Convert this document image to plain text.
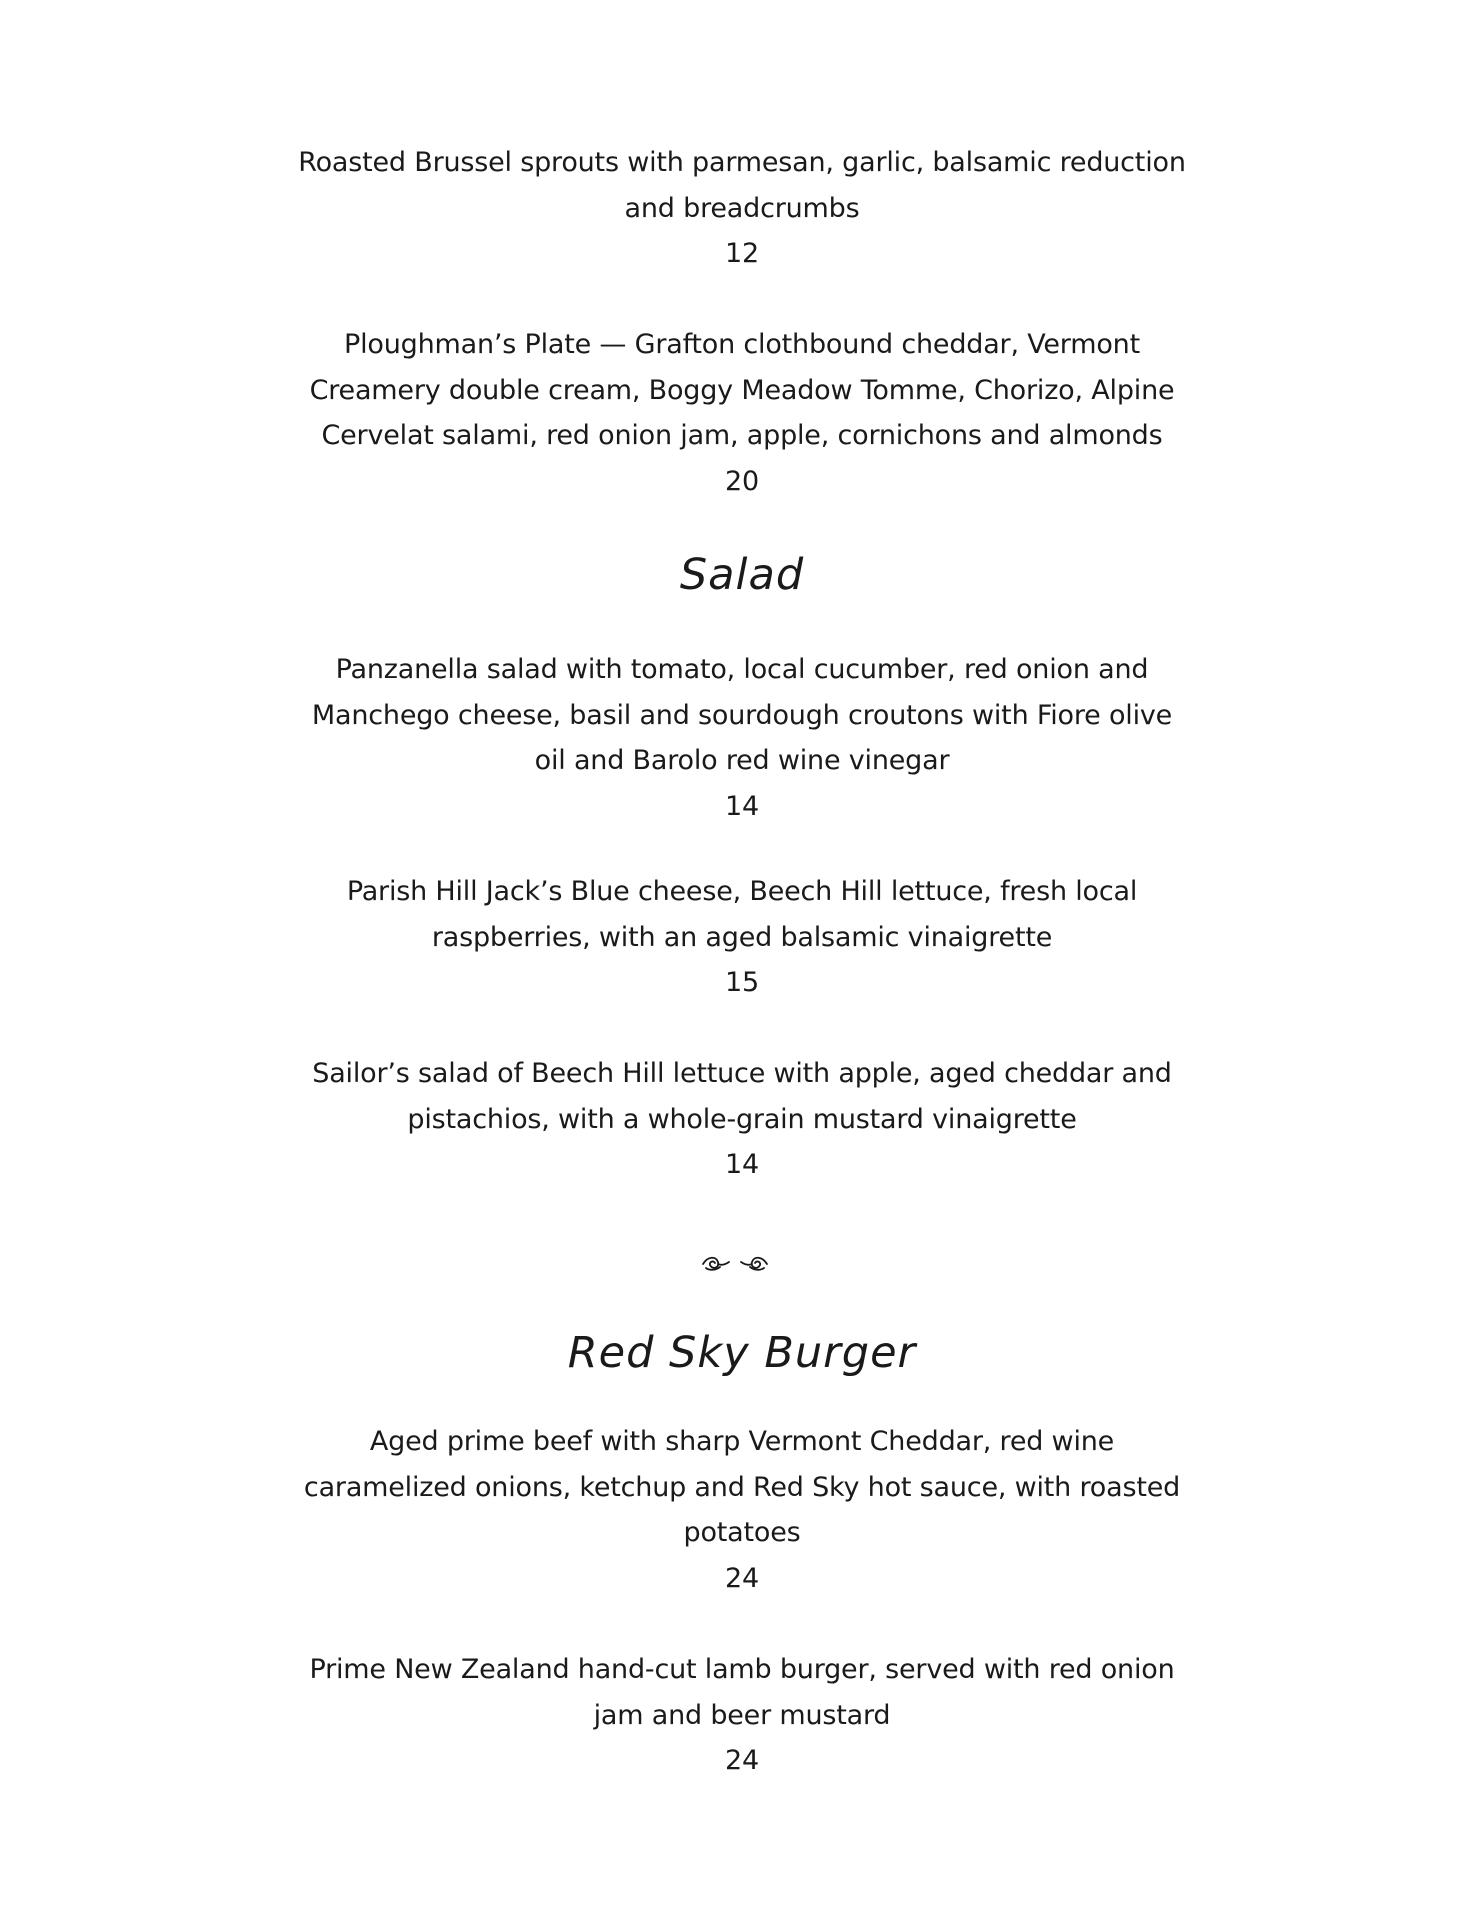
Roasted Brussel sprouts with parmesan, garlic, balsamic reduction
and breadcrumbs
12
Ploughman’s Plate — Grafton clothbound cheddar, Vermont
Creamery double cream, Boggy Meadow Tomme, Chorizo, Alpine
Cervelat salami, red onion jam, apple, cornichons and almonds
20
Salad
Panzanella salad with tomato, local cucumber, red onion and
Manchego cheese, basil and sourdough croutons with Fiore olive
oil and Barolo red wine vinegar
14
Parish Hill Jack’s Blue cheese, Beech Hill lettuce, fresh local
raspberries, with an aged balsamic vinaigrette
15
Sailor’s salad of Beech Hill lettuce with apple, aged cheddar and
pistachios, with a whole-grain mustard vinaigrette
14
Red Sky Burger
Aged prime beef with sharp Vermont Cheddar, red wine
caramelized onions, ketchup and Red Sky hot sauce, with roasted
potatoes
24
Prime New Zealand hand-cut lamb burger, served with red onion
jam and beer mustard
24
